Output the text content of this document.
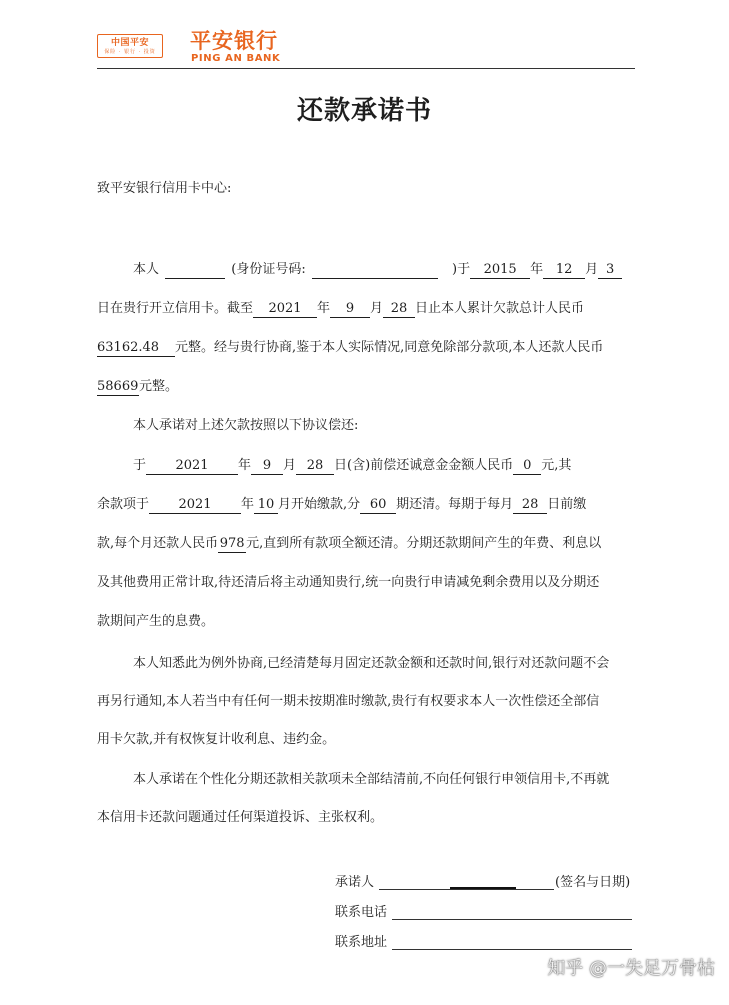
中国平安
保险 · 银行 · 投资 平安银行
PING AN BANK
还款承诺书
致平安银行信用卡中心:
本人	(身份证号码:	)于 2015 年 12 月 3
日在贵行开立信用卡。截至 2021 年 9 月 28 日止本人累计欠款总计人民币
63162.48 元整。经与贵行协商,鉴于本人实际情况,同意免除部分款项,本人还款人民币
58669元整。
本人承诺对上述欠款按照以下协议偿还:
于 2021 年 9 月 28 日(含)前偿还诚意金金额人民币 0 元,其
余款项于 2021 年 10 月开始缴款,分 60 期还清。每期于每月 28 日前缴
款,每个月还款人民币 978 元,直到所有款项全额还清。分期还款期间产生的年费、利息以
及其他费用正常计取,待还清后将主动通知贵行,统一向贵行申请减免剩余费用以及分期还
款期间产生的息费。
本人知悉此为例外协商,已经清楚每月固定还款金额和还款时间,银行对还款问题不会
再另行通知,本人若当中有任何一期未按期准时缴款,贵行有权要求本人一次性偿还全部信
用卡欠款,并有权恢复计收利息、违约金。
本人承诺在个性化分期还款相关款项未全部结清前,不向任何银行申领信用卡,不再就
本信用卡还款问题通过任何渠道投诉、主张权利。
承诺人	(签名与日期)
联系电话
联系地址
知乎 @一失足万骨枯
